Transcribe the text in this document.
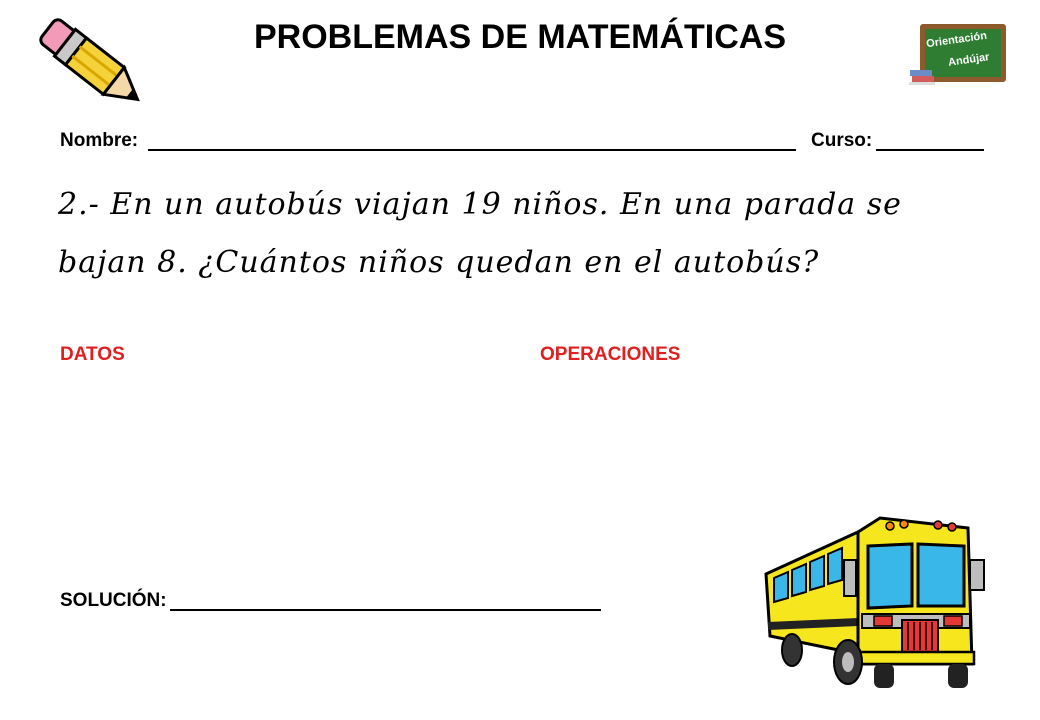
PROBLEMAS DE MATEMÁTICAS	Orientación
Andújar
Nombre:	Curso:
2.- En un autobús viajan 19 niños. En una parada se
bajan 8. ¿Cuántos niños quedan en el autobús?
DATOS	OPERACIONES
SOLUCIÓN:
